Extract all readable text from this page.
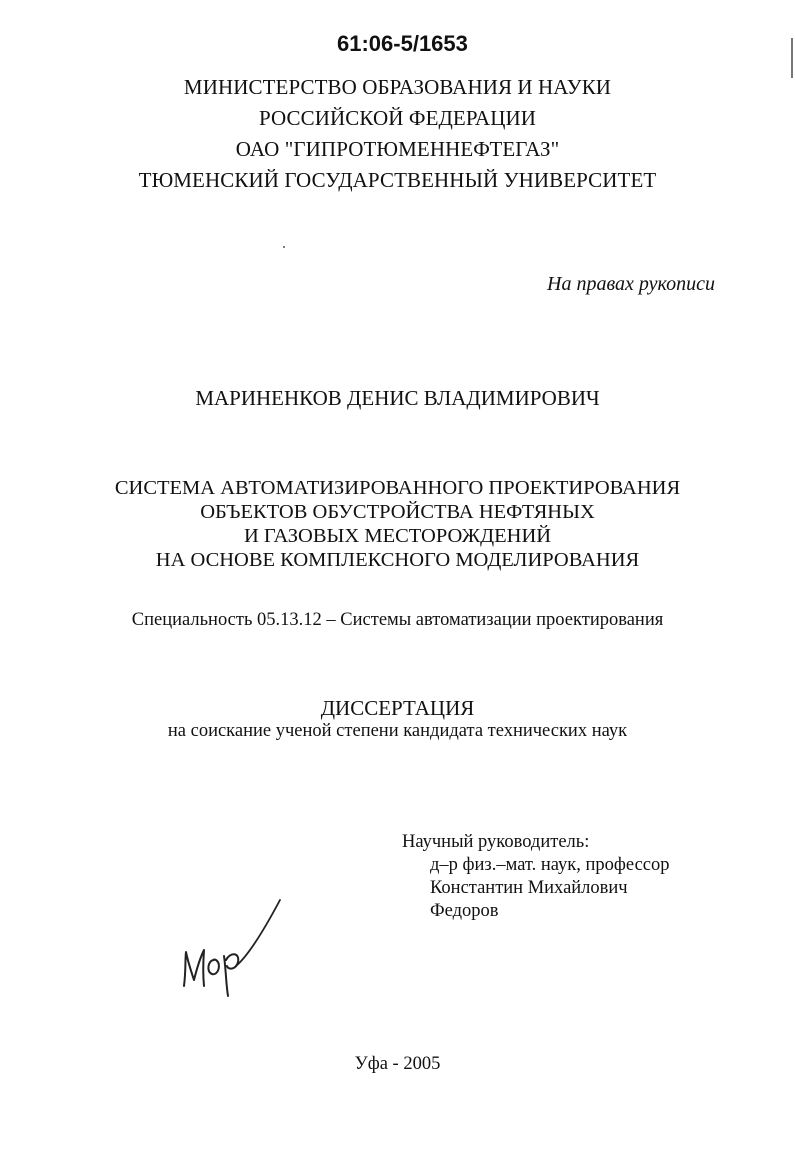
61:06-5/1653
МИНИСТЕРСТВО ОБРАЗОВАНИЯ И НАУКИ
РОССИЙСКОЙ ФЕДЕРАЦИИ
ОАО "ГИПРОТЮМЕННЕФТЕГАЗ"
ТЮМЕНСКИЙ ГОСУДАРСТВЕННЫЙ УНИВЕРСИТЕТ
На правах рукописи
МАРИНЕНКОВ ДЕНИС ВЛАДИМИРОВИЧ
СИСТЕМА АВТОМАТИЗИРОВАННОГО ПРОЕКТИРОВАНИЯ
ОБЪЕКТОВ ОБУСТРОЙСТВА НЕФТЯНЫХ
И ГАЗОВЫХ МЕСТОРОЖДЕНИЙ
НА ОСНОВЕ КОМПЛЕКСНОГО МОДЕЛИРОВАНИЯ
Специальность 05.13.12 – Системы автоматизации проектирования
ДИССЕРТАЦИЯ
на соискание ученой степени кандидата технических наук
Научный руководитель:
д–р физ.–мат. наук, профессор
Константин Михайлович
Федоров
Уфа - 2005
